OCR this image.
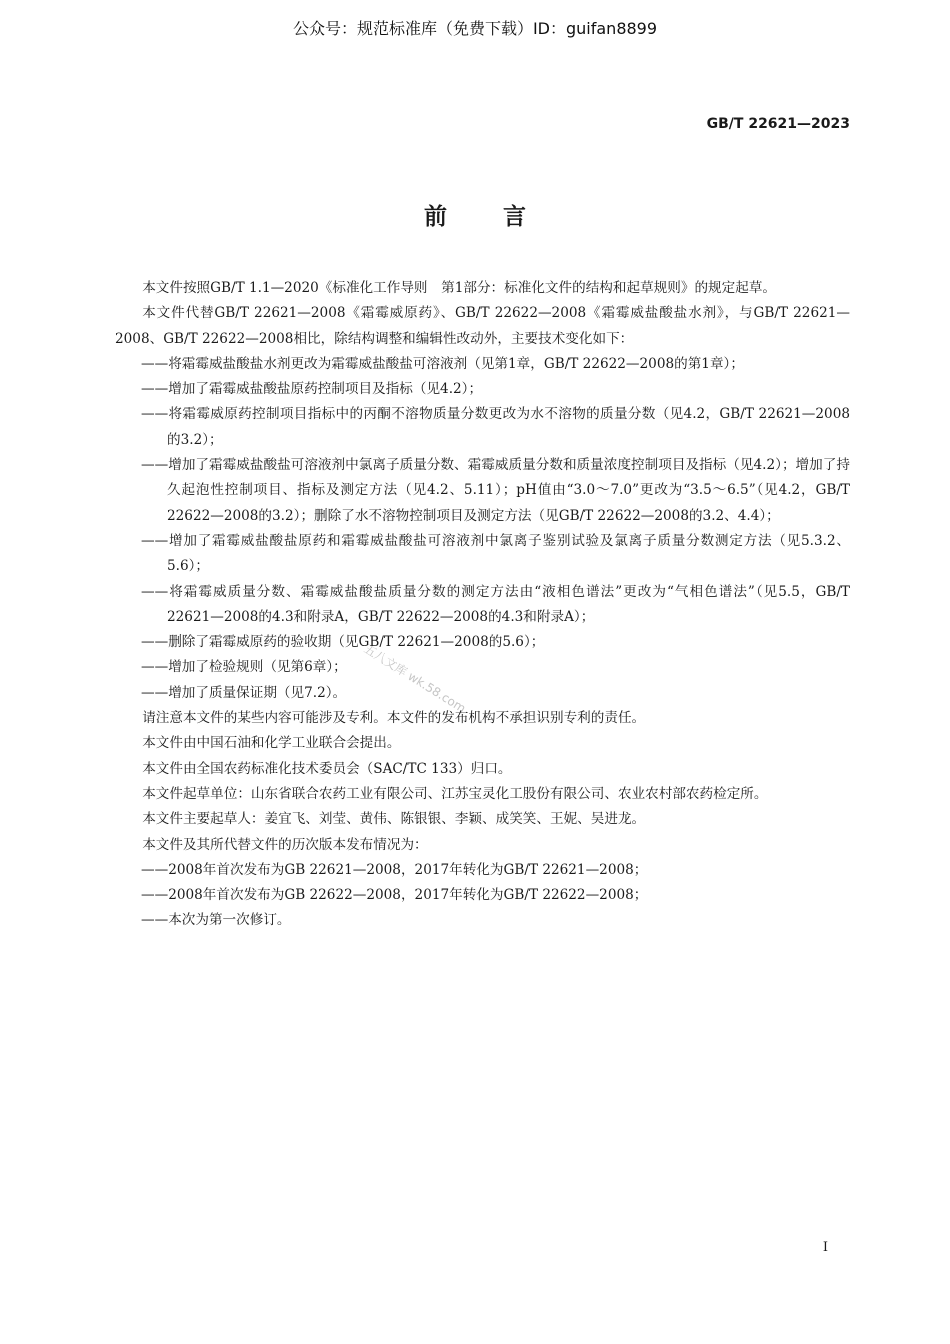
公众号：规范标准库（免费下载）ID：guifan8899
GB/T 22621—2023
前言

本文件按照GB/T 1.1—2020《标准化工作导则　第1部分：标准化文件的结构和起草规则》的规定起草。

本文件代替GB/T 22621—2008《霜霉威原药》、GB/T 22622—2008《霜霉威盐酸盐水剂》，与GB/T 22621—2008、GB/T 22622—2008相比，除结构调整和编辑性改动外，主要技术变化如下：

——将霜霉威盐酸盐水剂更改为霜霉威盐酸盐可溶液剂（见第1章，GB/T 22622—2008的第1章）；

——增加了霜霉威盐酸盐原药控制项目及指标（见4.2）；

——将霜霉威原药控制项目指标中的丙酮不溶物质量分数更改为水不溶物的质量分数（见4.2，GB/T 22621—2008的3.2）；

——增加了霜霉威盐酸盐可溶液剂中氯离子质量分数、霜霉威质量分数和质量浓度控制项目及指标（见4.2）；增加了持久起泡性控制项目、指标及测定方法（见4.2、5.11）；pH值由“3.0～7.0”更改为“3.5～6.5”（见4.2，GB/T 22622—2008的3.2）；删除了水不溶物控制项目及测定方法（见GB/T 22622—2008的3.2、4.4）；

——增加了霜霉威盐酸盐原药和霜霉威盐酸盐可溶液剂中氯离子鉴别试验及氯离子质量分数测定方法（见5.3.2、5.6）；

——将霜霉威质量分数、霜霉威盐酸盐质量分数的测定方法由“液相色谱法”更改为“气相色谱法”（见5.5，GB/T 22621—2008的4.3和附录A，GB/T 22622—2008的4.3和附录A）；

——删除了霜霉威原药的验收期（见GB/T 22621—2008的5.6）；

——增加了检验规则（见第6章）；

——增加了质量保证期（见7.2）。

请注意本文件的某些内容可能涉及专利。本文件的发布机构不承担识别专利的责任。

本文件由中国石油和化学工业联合会提出。

本文件由全国农药标准化技术委员会（SAC/TC 133）归口。

本文件起草单位：山东省联合农药工业有限公司、江苏宝灵化工股份有限公司、农业农村部农药检定所。

本文件主要起草人：姜宜飞、刘莹、黄伟、陈银银、李颖、成笑笑、王妮、吴进龙。

本文件及其所代替文件的历次版本发布情况为：

——2008年首次发布为GB 22621—2008，2017年转化为GB/T 22621—2008；

——2008年首次发布为GB 22622—2008，2017年转化为GB/T 22622—2008；

——本次为第一次修订。

五八文库 wk.58.com
I
